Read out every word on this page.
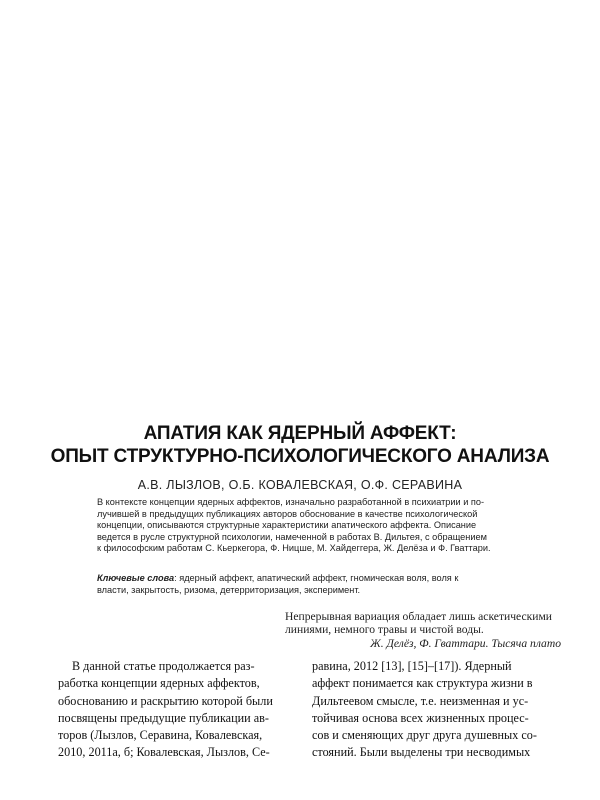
АПАТИЯ КАК ЯДЕРНЫЙ АФФЕКТ:
ОПЫТ СТРУКТУРНО-ПСИХОЛОГИЧЕСКОГО АНАЛИЗА
А.В. ЛЫЗЛОВ, О.Б. КОВАЛЕВСКАЯ, О.Ф. СЕРАВИНА
В контексте концепции ядерных аффектов, изначально разработанной в психиатрии и по-
лучившей в предыдущих публикациях авторов обоснование в качестве психологической
концепции, описываются структурные характеристики апатического аффекта. Описание
ведется в русле структурной психологии, намеченной в работах В. Дильтея, с обращением
к философским работам С. Кьеркегора, Ф. Ницше, М. Хайдеггера, Ж. Делёза и Ф. Гваттари.
Ключевые слова: ядерный аффект, апатический аффект, гномическая воля, воля к
власти, закрытость, ризома, детерриторизация, эксперимент.
Непрерывная вариация обладает лишь аскетическими
линиями, немного травы и чистой воды.
Ж. Делёз, Ф. Гваттари. Тысяча плато
В данной статье продолжается раз-
работка концепции ядерных аффектов,
обоснованию и раскрытию которой были
посвящены предыдущие публикации ав-
торов (Лызлов, Серавина, Ковалевская,
2010, 2011а, б; Ковалевская, Лызлов, Се-
равина, 2012 [13], [15]–[17]). Ядерный
аффект понимается как структура жизни в
Дильтеевом смысле, т.е. неизменная и ус-
тойчивая основа всех жизненных процес-
сов и сменяющих друг друга душевных со-
стояний. Были выделены три несводимых
